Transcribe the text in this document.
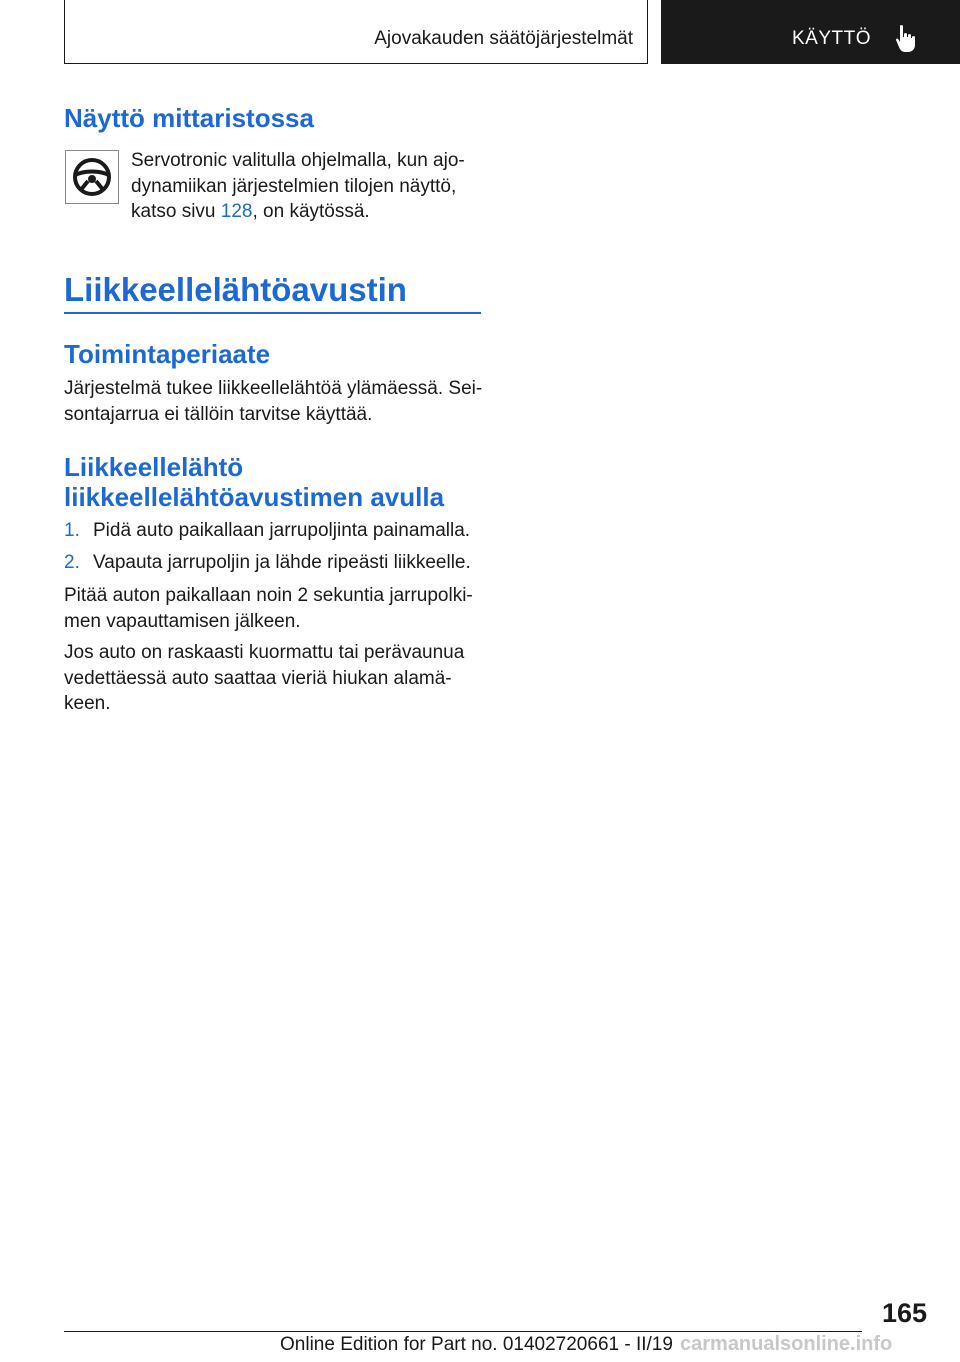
Ajovakauden säätöjärjestelmät	KÄYTTÖ
Näyttö mittaristossa

Servotronic valitulla ohjelmalla, kun ajo-
dynamiikan järjestelmien tilojen näyttö,
katso sivu 128, on käytössä.

Liikkeellelähtöavustin
Toimintaperiaate

Järjestelmä tukee liikkeellelähtöä ylämäessä. Sei-
sontajarrua ei tällöin tarvitse käyttää.

Liikkeellelähtö
liikkeellelähtöavustimen avulla
1. Pidä auto paikallaan jarrupoljinta painamalla.
2. Vapauta jarrupoljin ja lähde ripeästi liikkeelle.

Pitää auton paikallaan noin 2 sekuntia jarrupolki-
men vapauttamisen jälkeen.

Jos auto on raskaasti kuormattu tai perävaunua
vedettäessä auto saattaa vieriä hiukan alamä-
keen.

165
Online Edition for Part no. 01402720661 - II/19 carmanualsonline.info
